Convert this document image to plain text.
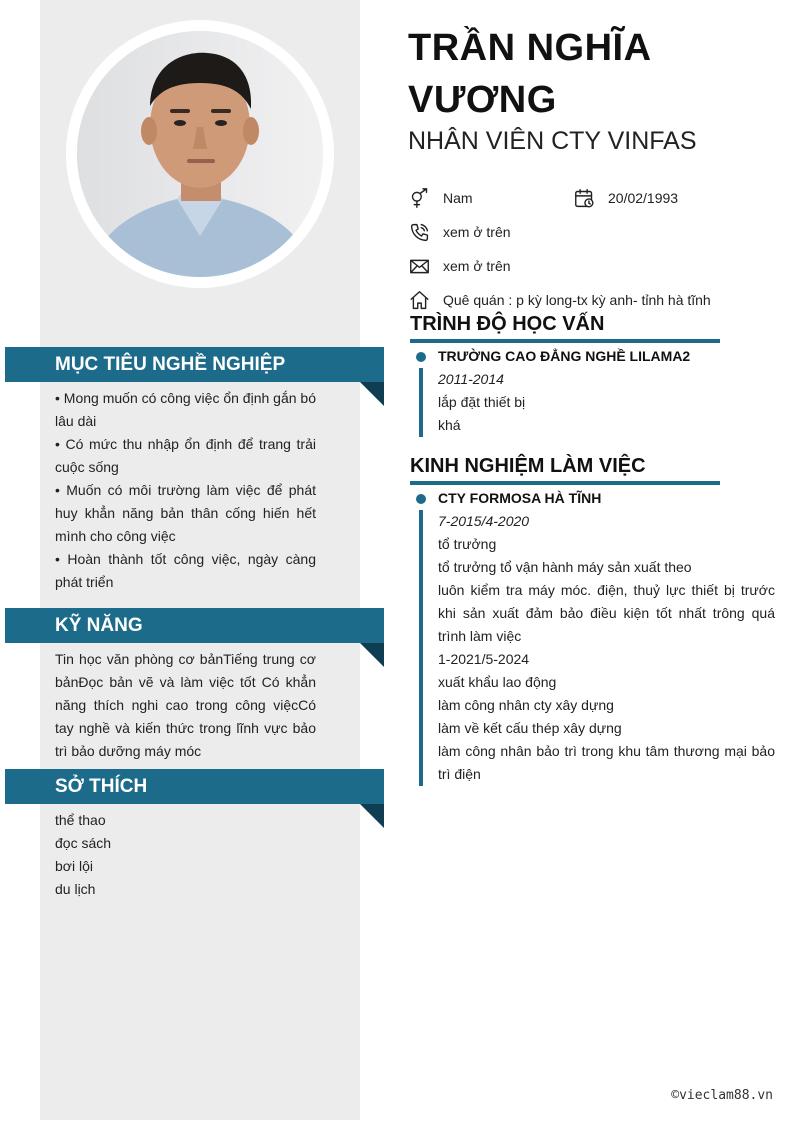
MỤC TIÊU NGHỀ NGHIỆP

• Mong muốn có công việc ổn định gắn bó lâu dài

• Có mức thu nhập ổn định để trang trải cuộc sống

• Muốn có môi trường làm việc để phát huy khẳn năng bản thân cống hiến hết mình cho công việc

• Hoàn thành tốt công việc, ngày càng phát triển

KỸ NĂNG
Tin học văn phòng cơ bảnTiếng trung cơ bảnĐọc bản vẽ và làm việc tốt Có khẳn năng thích nghi cao trong công việcCó tay nghề và kiến thức trong lĩnh vực bảo trì bảo dưỡng máy móc
SỞ THÍCH

thể thao

đọc sách

bơi lội

du lịch

TRẦN NGHĨA VƯƠNG
NHÂN VIÊN CTY VINFAS
Nam	20/02/1993
xem ở trên
xem ở trên
Quê quán : p kỳ long-tx kỳ anh- tỉnh hà tĩnh
TRÌNH ĐỘ HỌC VẤN
TRƯỜNG CAO ĐẲNG NGHỀ LILAMA2
2011-2014
lắp đặt thiết bị
khá
KINH NGHIỆM LÀM VIỆC
CTY FORMOSA HÀ TĨNH
7-2015/4-2020
tổ trưởng
tổ trưởng tổ vận hành máy sản xuất theo
luôn kiểm tra máy móc. điện, thuỷ lực thiết bị trước khi sản xuất đảm bảo điều kiện tốt nhất trông quá trình làm việc
1-2021/5-2024
xuất khẩu lao động
làm công nhân cty xây dựng
làm về kết cấu thép xây dựng
làm công nhân bảo trì trong khu tâm thương mại bảo trì điện
©vieclam88.vn
